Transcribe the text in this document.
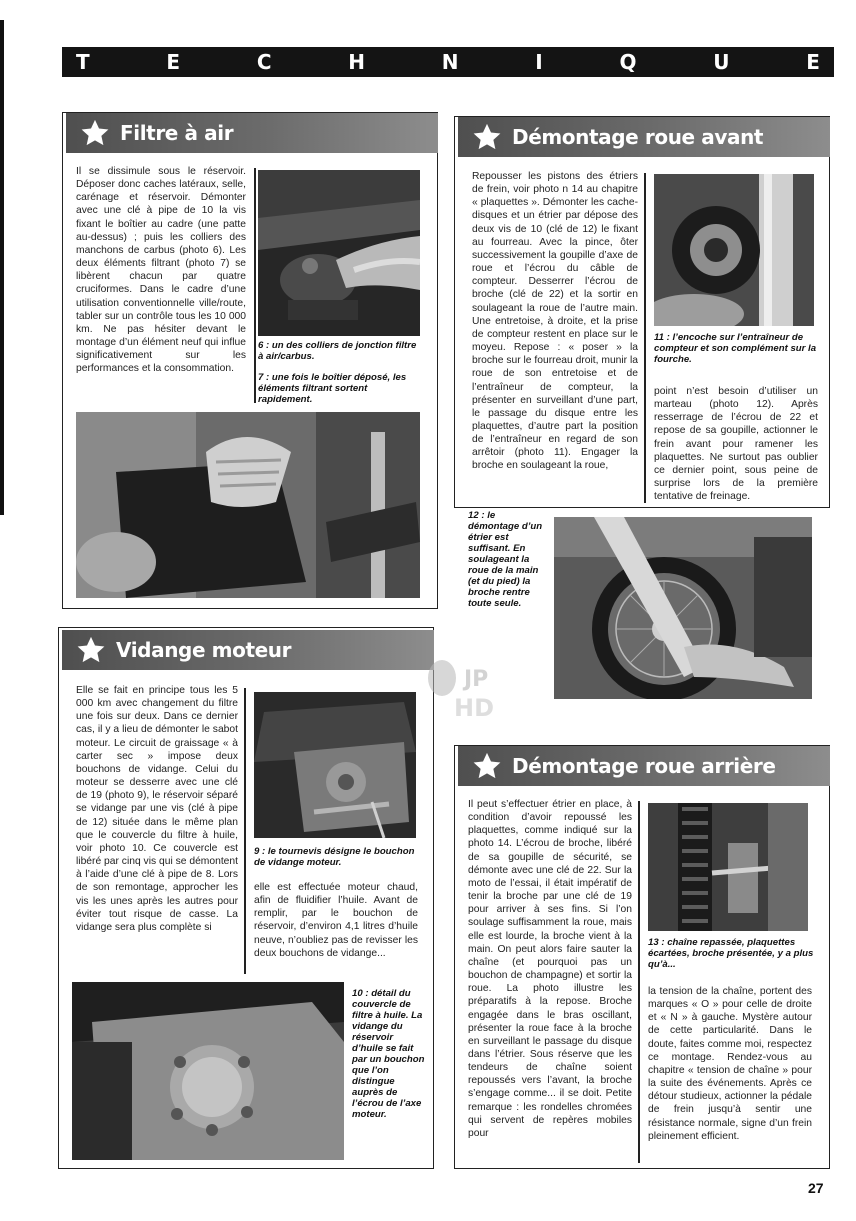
T	E	C	H	N	I	Q	U	E
Filtre à air

Il se dissimule sous le réservoir. Déposer donc caches latéraux, selle, carénage et réservoir. Démonter avec une clé à pipe de 10 la vis fixant le boîtier au cadre (une patte au-dessus) ; puis les colliers des manchons de carbus (photo 6). Les deux éléments filtrant (photo 7) se libèrent chacun par quatre cruciformes. Dans le cadre d’une utilisation conventionnelle ville/route, tabler sur un contrôle tous les 10 000 km. Ne pas hésiter devant le montage d’un élément neuf qui influe significativement sur les performances et la consommation.

6 : un des colliers de jonction filtre à air/carbus.

7 : une fois le boîtier déposé, les éléments filtrant sortent rapidement.

Vidange moteur

Elle se fait en principe tous les 5 000 km avec changement du filtre une fois sur deux. Dans ce dernier cas, il y a lieu de démonter le sabot moteur. Le circuit de graissage « à carter sec » impose deux bouchons de vidange. Celui du moteur se desserre avec une clé de 19 (photo 9), le réservoir séparé se vidange par une vis (clé à pipe de 12) située dans le même plan que le couvercle du filtre à huile, voir photo 10. Ce couvercle est libéré par cinq vis qui se démontent à l’aide d’une clé à pipe de 8. Lors de son remontage, approcher les vis les unes après les autres pour éviter tout risque de casse. La vidange sera plus complète si

9 : le tournevis désigne le bouchon de vidange moteur.

elle est effectuée moteur chaud, afin de fluidifier l’huile. Avant de remplir, par le bouchon de réservoir, d’environ 4,1 litres d’huile neuve, n’oubliez pas de revisser les deux bouchons de vidange...

10 : détail du couvercle de filtre à huile. La vidange du réservoir d’huile se fait par un bouchon que l’on distingue auprès de l’écrou de l’axe moteur.

Démontage roue avant

Repousser les pistons des étriers de frein, voir photo n 14 au chapitre « plaquettes ». Démonter les cache-disques et un étrier par dépose des deux vis de 10 (clé de 12) le fixant au fourreau. Avec la pince, ôter successivement la goupille d’axe de roue et l’écrou du câble de compteur. Desserrer l’écrou de broche (clé de 22) et la sortir en soulageant la roue de l’autre main. Une entretoise, à droite, et la prise de compteur restent en place sur le moyeu. Repose : « poser » la broche sur le fourreau droit, munir la roue de son entretoise et de l’entraîneur de compteur, la présenter en surveillant d’une part, le passage du disque entre les plaquettes, d’autre part la position de l’entraîneur en regard de son arrêtoir (photo 11). Engager la broche en soulageant la roue,

11 : l’encoche sur l’entraîneur de compteur et son complément sur la fourche.

point n’est besoin d’utiliser un marteau (photo 12). Après resserrage de l’écrou de 22 et repose de sa goupille, actionner le frein avant pour ramener les plaquettes. Ne surtout pas oublier ce dernier point, sous peine de surprise lors de la première tentative de freinage.

12 : le démontage d’un étrier est suffisant. En soulageant la roue de la main (et du pied) la broche rentre toute seule.

JP
HD
Démontage roue arrière

Il peut s’effectuer étrier en place, à condition d’avoir repoussé les plaquettes, comme indiqué sur la photo 14. L’écrou de broche, libéré de sa goupille de sécurité, se démonte avec une clé de 22. Sur la moto de l’essai, il était impératif de tenir la broche par une clé de 19 pour arriver à ses fins. Si l’on soulage suffisamment la roue, mais elle est lourde, la broche vient à la main. On peut alors faire sauter la chaîne (et pourquoi pas un bouchon de champagne) et sortir la roue. La photo illustre les préparatifs à la repose. Broche engagée dans le bras oscillant, présenter la roue face à la broche en surveillant le passage du disque dans l’étrier. Sous réserve que les tendeurs de chaîne soient repoussés vers l’avant, la broche s’engage comme... il se doit. Petite remarque : les rondelles chromées qui servent de repères mobiles pour

13 : chaîne repassée, plaquettes écartées, broche présentée, y a plus qu’à...

la tension de la chaîne, portent des marques « O » pour celle de droite et « N » à gauche. Mystère autour de cette particularité. Dans le doute, faites comme moi, respectez ce montage. Rendez-vous au chapitre « tension de chaîne » pour la suite des événements. Après ce détour studieux, actionner la pédale de frein jusqu’à sentir une résistance normale, signe d’un frein pleinement efficient.

27
